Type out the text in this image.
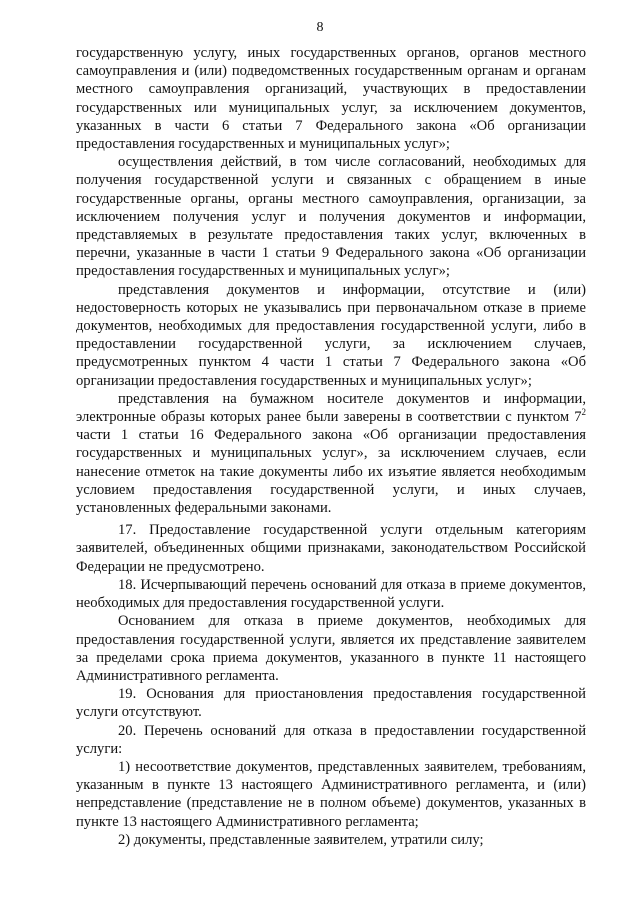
8

государственную услугу, иных государственных органов, органов местного самоуправления и (или) подведомственных государственным органам и органам местного самоуправления организаций, участвующих в предоставлении государственных или муниципальных услуг, за исключением документов, указанных в части 6 статьи 7 Федерального закона «Об организации предоставления государственных и муниципальных услуг»;

осуществления действий, в том числе согласований, необходимых для получения государственной услуги и связанных с обращением в иные государственные органы, органы местного самоуправления, организации, за исключением получения услуг и получения документов и информации, представляемых в результате предоставления таких услуг, включенных в перечни, указанные в части 1 статьи 9 Федерального закона «Об организации предоставления государственных и муниципальных услуг»;

представления документов и информации, отсутствие и (или) недостоверность которых не указывались при первоначальном отказе в приеме документов, необходимых для предоставления государственной услуги, либо в предоставлении государственной услуги, за исключением случаев, предусмотренных пунктом 4 части 1 статьи 7 Федерального закона «Об организации предоставления государственных и муниципальных услуг»;

представления на бумажном носителе документов и информации, электронные образы которых ранее были заверены в соответствии с пунктом $7^2$ части 1 статьи 16 Федерального закона «Об организации предоставления государственных и муниципальных услуг», за исключением случаев, если нанесение отметок на такие документы либо их изъятие является необходимым условием предоставления государственной услуги, и иных случаев, установленных федеральными законами.

17. Предоставление государственной услуги отдельным категориям заявителей, объединенных общими признаками, законодательством Российской Федерации не предусмотрено.

18. Исчерпывающий перечень оснований для отказа в приеме документов, необходимых для предоставления государственной услуги.

Основанием для отказа в приеме документов, необходимых для предоставления государственной услуги, является их представление заявителем за пределами срока приема документов, указанного в пункте 11 настоящего Административного регламента.

19. Основания для приостановления предоставления государственной услуги отсутствуют.

20. Перечень оснований для отказа в предоставлении государственной услуги:

1) несоответствие документов, представленных заявителем, требованиям, указанным в пункте 13 настоящего Административного регламента, и (или) непредставление (представление не в полном объеме) документов, указанных в пункте 13 настоящего Административного регламента;

2) документы, представленные заявителем, утратили силу;
